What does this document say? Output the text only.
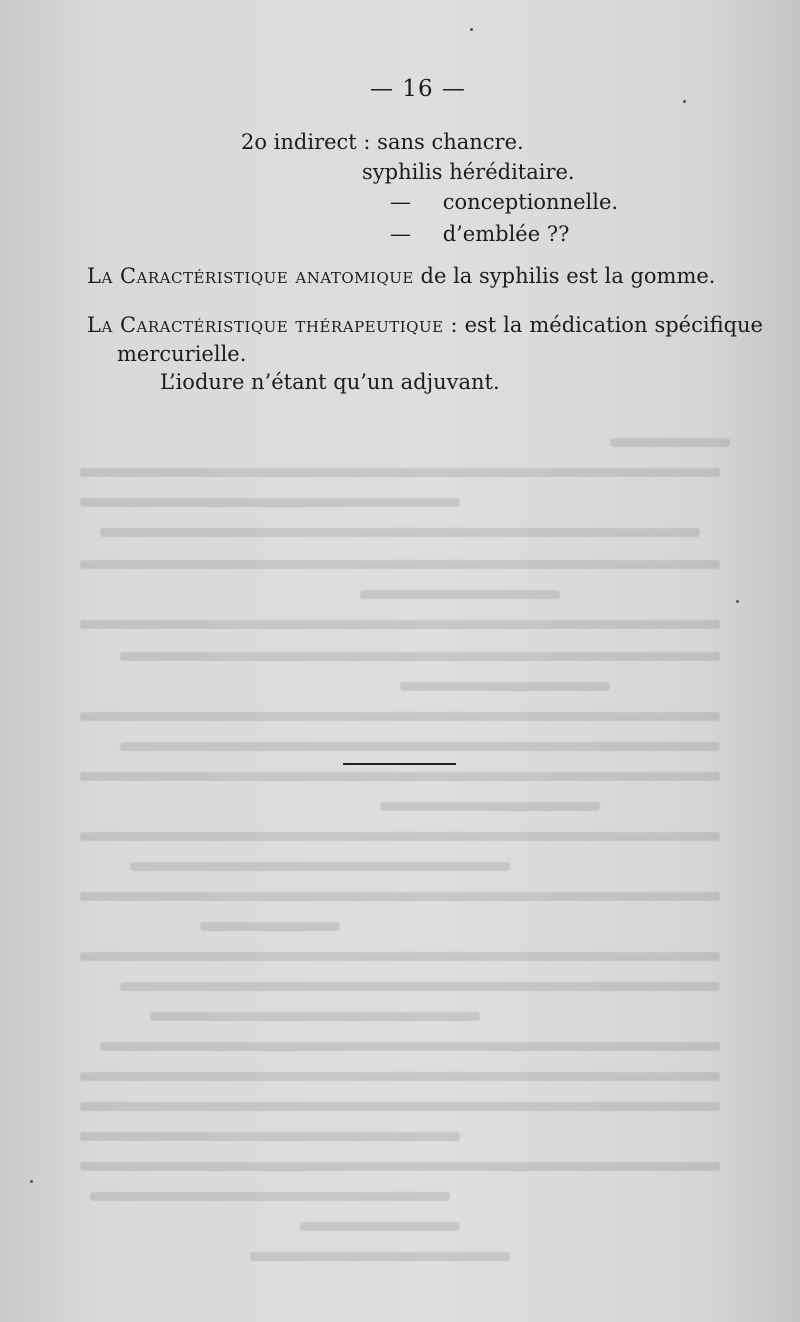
— 16 —
2o indirect : sans chancre.
syphilis héréditaire.
— conceptionnelle.
— d’emblée ??
La Caractéristique anatomique de la syphilis est la gomme.
La Caractéristique thérapeutique : est la médication spécifique
mercurielle.
L’iodure n’étant qu’un adjuvant.
